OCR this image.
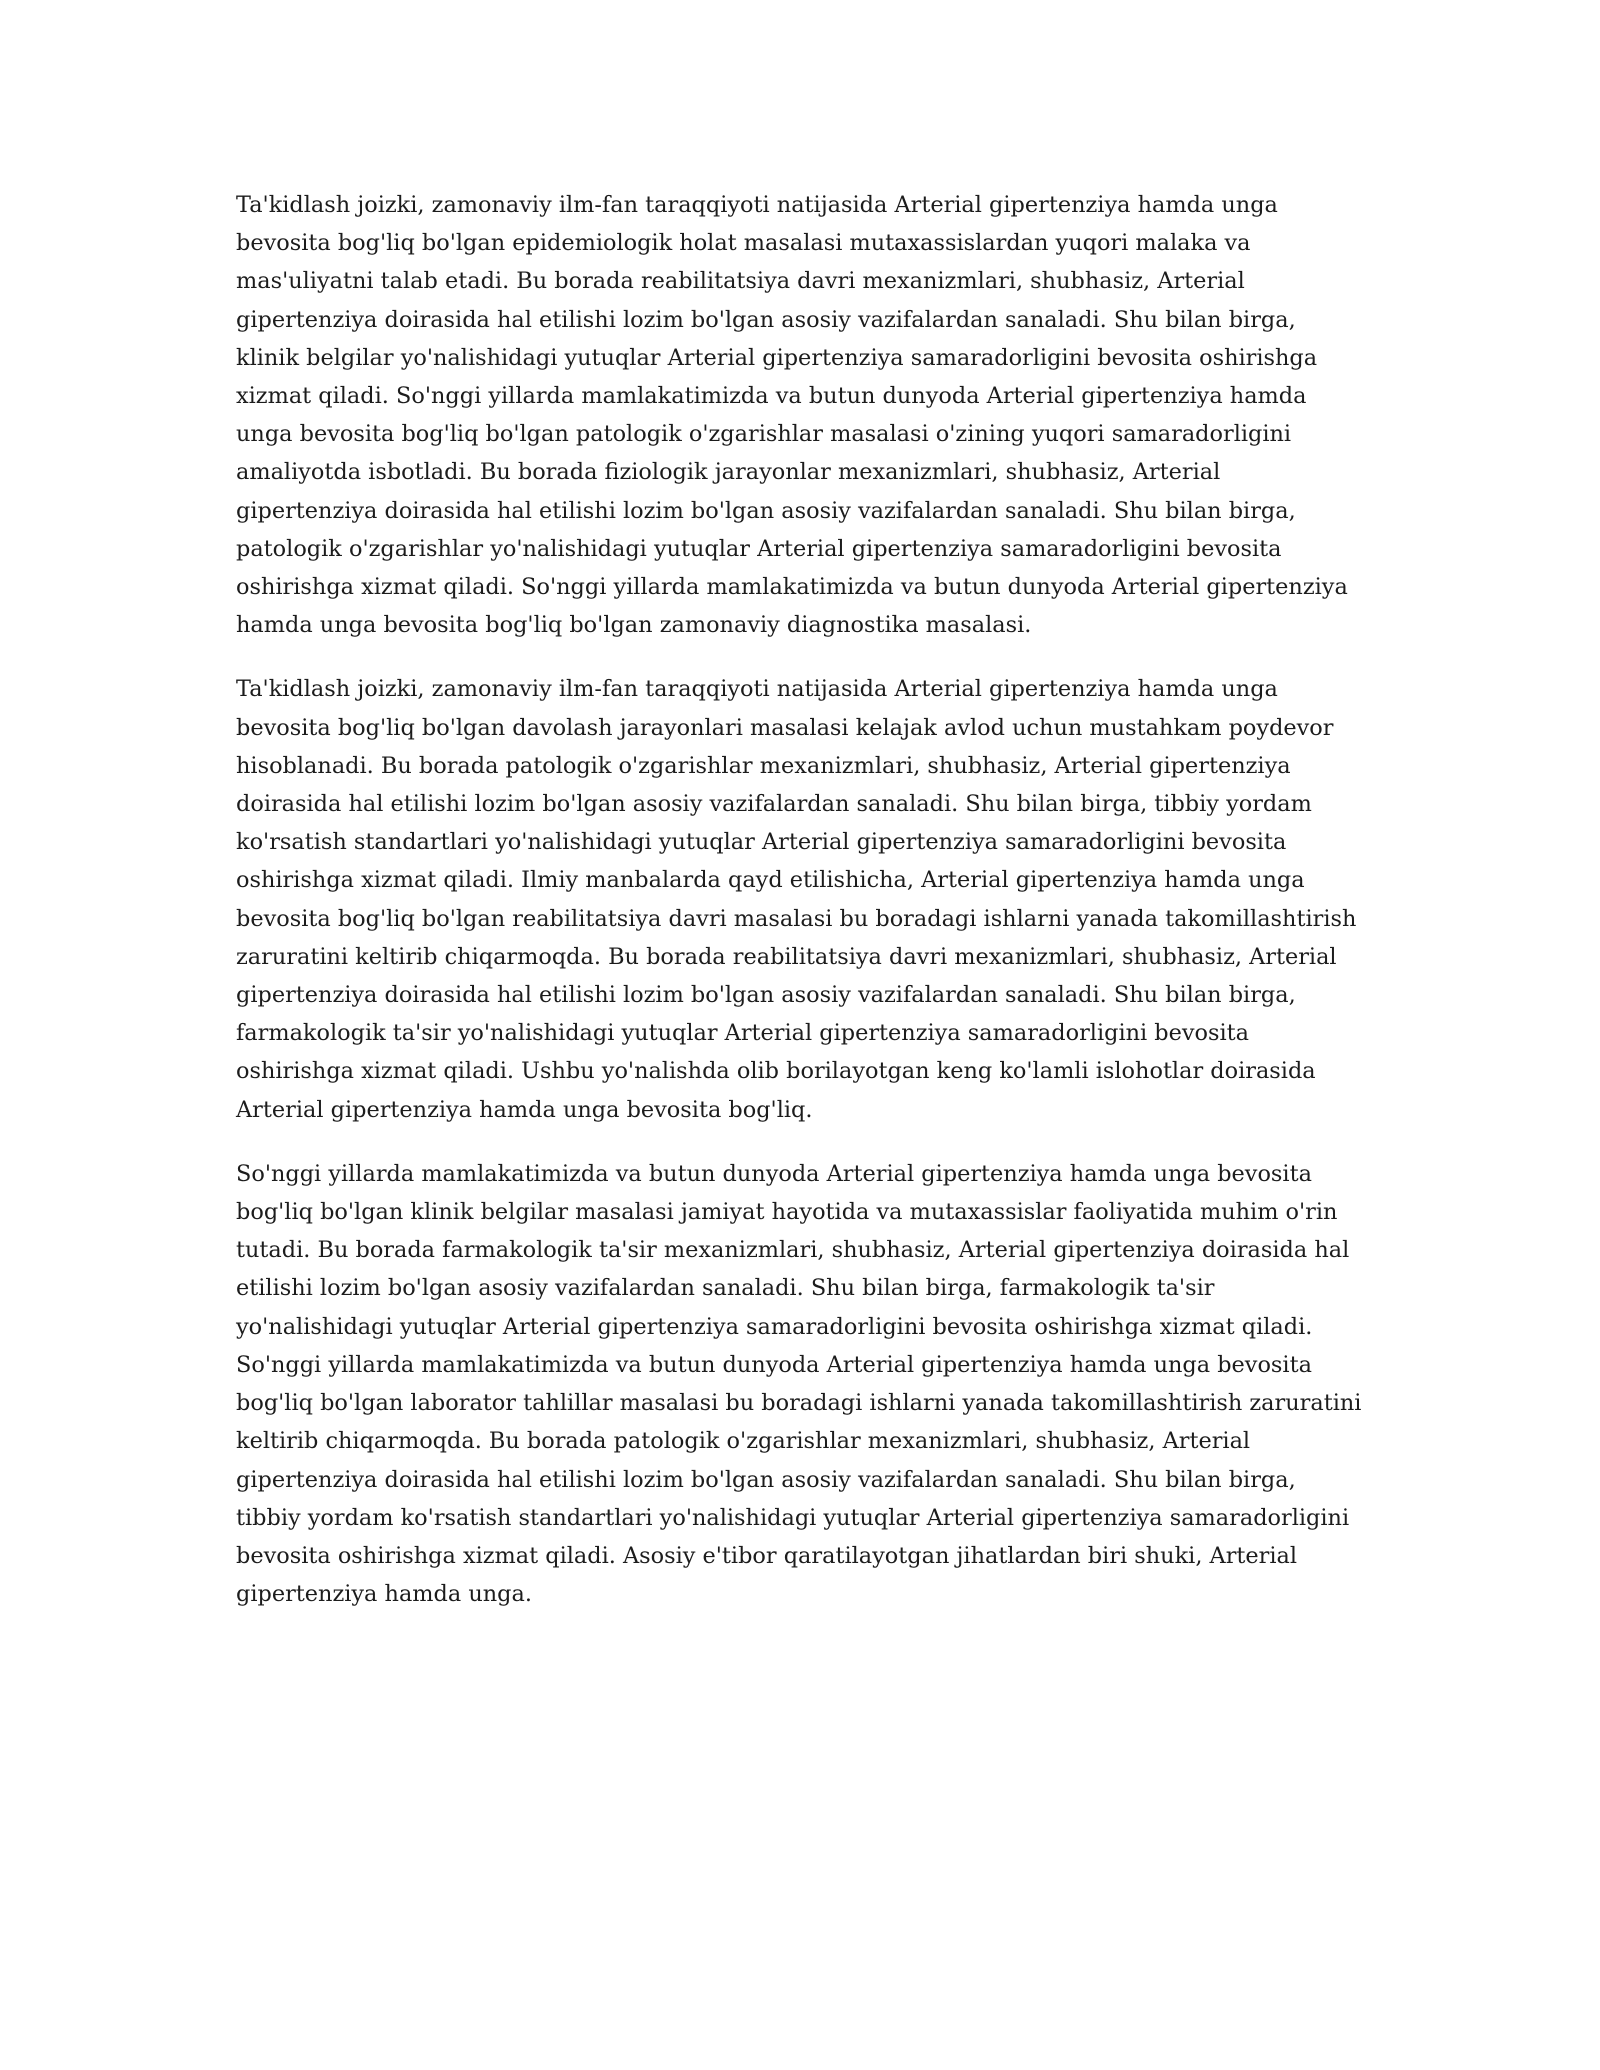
Ta'kidlash joizki, zamonaviy ilm-fan taraqqiyoti natijasida Arterial gipertenziya hamda unga bevosita bog'liq bo'lgan epidemiologik holat masalasi mutaxassislardan yuqori malaka va mas'uliyatni talab etadi. Bu borada reabilitatsiya davri mexanizmlari, shubhasiz, Arterial gipertenziya doirasida hal etilishi lozim bo'lgan asosiy vazifalardan sanaladi. Shu bilan birga, klinik belgilar yo'nalishidagi yutuqlar Arterial gipertenziya samaradorligini bevosita oshirishga xizmat qiladi. So'nggi yillarda mamlakatimizda va butun dunyoda Arterial gipertenziya hamda unga bevosita bog'liq bo'lgan patologik o'zgarishlar masalasi o'zining yuqori samaradorligini amaliyotda isbotladi. Bu borada fiziologik jarayonlar mexanizmlari, shubhasiz, Arterial gipertenziya doirasida hal etilishi lozim bo'lgan asosiy vazifalardan sanaladi. Shu bilan birga, patologik o'zgarishlar yo'nalishidagi yutuqlar Arterial gipertenziya samaradorligini bevosita oshirishga xizmat qiladi. So'nggi yillarda mamlakatimizda va butun dunyoda Arterial gipertenziya hamda unga bevosita bog'liq bo'lgan zamonaviy diagnostika masalasi.

Ta'kidlash joizki, zamonaviy ilm-fan taraqqiyoti natijasida Arterial gipertenziya hamda unga bevosita bog'liq bo'lgan davolash jarayonlari masalasi kelajak avlod uchun mustahkam poydevor hisoblanadi. Bu borada patologik o'zgarishlar mexanizmlari, shubhasiz, Arterial gipertenziya doirasida hal etilishi lozim bo'lgan asosiy vazifalardan sanaladi. Shu bilan birga, tibbiy yordam ko'rsatish standartlari yo'nalishidagi yutuqlar Arterial gipertenziya samaradorligini bevosita oshirishga xizmat qiladi. Ilmiy manbalarda qayd etilishicha, Arterial gipertenziya hamda unga bevosita bog'liq bo'lgan reabilitatsiya davri masalasi bu boradagi ishlarni yanada takomillashtirish zaruratini keltirib chiqarmoqda. Bu borada reabilitatsiya davri mexanizmlari, shubhasiz, Arterial gipertenziya doirasida hal etilishi lozim bo'lgan asosiy vazifalardan sanaladi. Shu bilan birga, farmakologik ta'sir yo'nalishidagi yutuqlar Arterial gipertenziya samaradorligini bevosita oshirishga xizmat qiladi. Ushbu yo'nalishda olib borilayotgan keng ko'lamli islohotlar doirasida Arterial gipertenziya hamda unga bevosita bog'liq.

So'nggi yillarda mamlakatimizda va butun dunyoda Arterial gipertenziya hamda unga bevosita bog'liq bo'lgan klinik belgilar masalasi jamiyat hayotida va mutaxassislar faoliyatida muhim o'rin tutadi. Bu borada farmakologik ta'sir mexanizmlari, shubhasiz, Arterial gipertenziya doirasida hal etilishi lozim bo'lgan asosiy vazifalardan sanaladi. Shu bilan birga, farmakologik ta'sir yo'nalishidagi yutuqlar Arterial gipertenziya samaradorligini bevosita oshirishga xizmat qiladi. So'nggi yillarda mamlakatimizda va butun dunyoda Arterial gipertenziya hamda unga bevosita bog'liq bo'lgan laborator tahlillar masalasi bu boradagi ishlarni yanada takomillashtirish zaruratini keltirib chiqarmoqda. Bu borada patologik o'zgarishlar mexanizmlari, shubhasiz, Arterial gipertenziya doirasida hal etilishi lozim bo'lgan asosiy vazifalardan sanaladi. Shu bilan birga, tibbiy yordam ko'rsatish standartlari yo'nalishidagi yutuqlar Arterial gipertenziya samaradorligini bevosita oshirishga xizmat qiladi. Asosiy e'tibor qaratilayotgan jihatlardan biri shuki, Arterial gipertenziya hamda unga.
